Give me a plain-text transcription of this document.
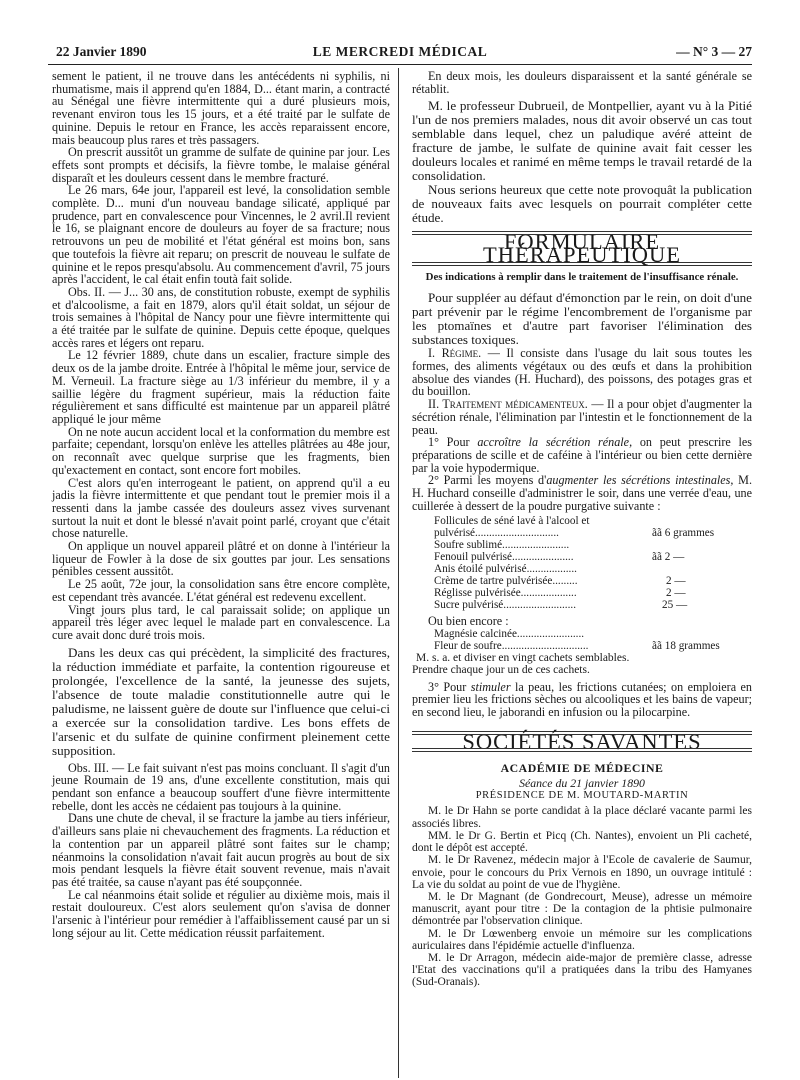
22 Janvier 1890	LE MERCREDI MÉDICAL	— N° 3 — 27

sement le patient, il ne trouve dans les antécédents ni syphilis, ni rhumatisme, mais il apprend qu'en 1884, D... étant marin, a contracté au Sénégal une fièvre intermittente qui a duré plusieurs mois, revenant environ tous les 15 jours, et a été traité par le sulfate de quinine. Depuis le retour en France, les accès reparaissent encore, mais beaucoup plus rares et très passagers.

On prescrit aussitôt un gramme de sulfate de quinine par jour. Les effets sont prompts et décisifs, la fièvre tombe, le malaise général disparaît et les douleurs cessent dans le membre fracturé.

Le 26 mars, 64e jour, l'appareil est levé, la consolidation semble complète. D... muni d'un nouveau bandage silicaté, appliqué par prudence, part en convalescence pour Vincennes, le 2 avril.Il revient le 16, se plaignant encore de douleurs au foyer de sa fracture; nous retrouvons un peu de mobilité et l'état général est moins bon, sans que toutefois la fièvre ait reparu; on prescrit de nouveau le sulfate de quinine et le repos presqu'absolu. Au commencement d'avril, 75 jours après l'accident, le cal était enfin toutà fait solide.

Obs. II. — J... 30 ans, de constitution robuste, exempt de syphilis et d'alcoolisme, a fait en 1879, alors qu'il était soldat, un séjour de trois semaines à l'hôpital de Nancy pour une fièvre intermittente qui a été traitée par le sulfate de quinine. Depuis cette époque, quelques accès rares et légers ont reparu.

Le 12 février 1889, chute dans un escalier, fracture simple des deux os de la jambe droite. Entrée à l'hôpital le même jour, service de M. Verneuil. La fracture siège au 1/3 inférieur du membre, il y a saillie légère du fragment supérieur, mais la réduction faite régulièrement et sans difficulté est maintenue par un appareil plâtré appliqué le jour même

On ne note aucun accident local et la conformation du membre est parfaite; cependant, lorsqu'on enlève les attelles plâtrées au 48e jour, on reconnaît avec quelque surprise que les fragments, bien qu'exactement en contact, sont encore fort mobiles.

C'est alors qu'en interrogeant le patient, on apprend qu'il a eu jadis la fièvre intermittente et que pendant tout le premier mois il a ressenti dans la jambe cassée des douleurs assez vives survenant surtout la nuit et dont le blessé n'avait point parlé, croyant que c'était chose naturelle.

On applique un nouvel appareil plâtré et on donne à l'intérieur la liqueur de Fowler à la dose de six gouttes par jour. Les sensations pénibles cessent aussitôt.

Le 25 août, 72e jour, la consolidation sans être encore complète, est cependant très avancée. L'état général est redevenu excellent.

Vingt jours plus tard, le cal paraissait solide; on applique un appareil très léger avec lequel le malade part en convalescence. La cure avait donc duré trois mois.

Dans les deux cas qui précèdent, la simplicité des fractures, la réduction immédiate et parfaite, la contention rigoureuse et prolongée, l'excellence de la santé, la jeunesse des sujets, l'absence de toute maladie constitutionnelle autre qui le paludisme, ne laissent guère de doute sur l'influence que celui-ci a exercée sur la consolidation tardive. Les bons effets de l'arsenic et du sulfate de quinine confirment pleinement cette supposition.

Obs. III. — Le fait suivant n'est pas moins concluant. Il s'agit d'un jeune Roumain de 19 ans, d'une excellente constitution, mais qui pendant son enfance a beaucoup souffert d'une fièvre intermittente rebelle, dont les accès ne cédaient pas toujours à la quinine.

Dans une chute de cheval, il se fracture la jambe au tiers inférieur, d'ailleurs sans plaie ni chevauchement des fragments. La réduction et la contention par un appareil plâtré sont faites sur le champ; néanmoins la consolidation n'avait fait aucun progrès au bout de six mois pendant lesquels la fièvre était souvent revenue, mais n'avait pas été traitée, sa cause n'ayant pas été soupçonnée.

Le cal néanmoins était solide et régulier au dixième mois, mais il restait douloureux. C'est alors seulement qu'on s'avisa de donner l'arsenic à l'intérieur pour remédier à l'affaiblissement causé par un si long séjour au lit. Cette médication réussit parfaitement.

En deux mois, les douleurs disparaissent et la santé générale se rétablit.

M. le professeur Dubrueil, de Montpellier, ayant vu à la Pitié l'un de nos premiers malades, nous dit avoir observé un cas tout semblable dans lequel, chez un paludique avéré atteint de fracture de jambe, le sulfate de quinine avait fait cesser les douleurs locales et ranimé en même temps le travail retardé de la consolidation.

Nous serions heureux que cette note provoquât la publication de nouveaux faits avec lesquels on pourrait compléter cette étude.

FORMULAIRE THÉRAPEUTIQUE
Des indications à remplir dans le traitement de l'insuffisance rénale.

Pour suppléer au défaut d'émonction par le rein, on doit d'une part prévenir par le régime l'encombrement de l'organisme par les ptomaïnes et d'autre part favoriser l'élimination des substances toxiques.

I. Régime. — Il consiste dans l'usage du lait sous toutes les formes, des aliments végétaux ou des œufs et dans la prohibition absolue des viandes (H. Huchard), des poissons, des potages gras et du bouillon.

II. Traitement médicamenteux. — Il a pour objet d'augmenter la sécrétion rénale, l'élimination par l'intestin et le fonctionnement de la peau.

1° Pour accroître la sécrétion rénale, on peut prescrire les préparations de scille et de caféine à l'intérieur ou bien cette dernière par la voie hypodermique.

2° Parmi les moyens d'augmenter les sécrétions intestinales, M. H. Huchard conseille d'administrer le soir, dans une verrée d'eau, une cuillerée à dessert de la poudre purgative suivante :

Follicules de séné lavé à l'alcool et
pulvérisé..............................	ãã 6 grammes
Soufre sublimé........................
Fenouil pulvérisé......................	ãã 2 —
Anis étoilé pulvérisé..................
Crème de tartre pulvérisée.........	2 —
Réglisse pulvérisée....................	2 —
Sucre pulvérisé..........................	25 —

Ou bien encore :

Magnésie calcinée........................
Fleur de soufre...............................	ãã 18 grammes

M. s. a. et diviser en vingt cachets semblables.

Prendre chaque jour un de ces cachets.

3° Pour stimuler la peau, les frictions cutanées; on emploiera en premier lieu les frictions sèches ou alcooliques et les bains de vapeur; en second lieu, le jaborandi en infusion ou la pilocarpine.

SOCIÉTÉS SAVANTES
ACADÉMIE DE MÉDECINE
Séance du 21 janvier 1890
PRÉSIDENCE DE M. MOUTARD-MARTIN

M. le Dr Hahn se porte candidat à la place déclaré vacante parmi les associés libres.

MM. le Dr G. Bertin et Picq (Ch. Nantes), envoient un Pli cacheté, dont le dépôt est accepté.

M. le Dr Ravenez, médecin major à l'Ecole de cavalerie de Saumur, envoie, pour le concours du Prix Vernois en 1890, un ouvrage intitulé : La vie du soldat au point de vue de l'hygiène.

M. le Dr Magnant (de Gondrecourt, Meuse), adresse un mémoire manuscrit, ayant pour titre : De la contagion de la phtisie pulmonaire démontrée par l'observation clinique.

M. le Dr Lœwenberg envoie un mémoire sur les complications auriculaires dans l'épidémie actuelle d'influenza.

M. le Dr Arragon, médecin aide-major de première classe, adresse l'Etat des vaccinations qu'il a pratiquées dans la tribu des Hamyanes (Sud-Oranais).
